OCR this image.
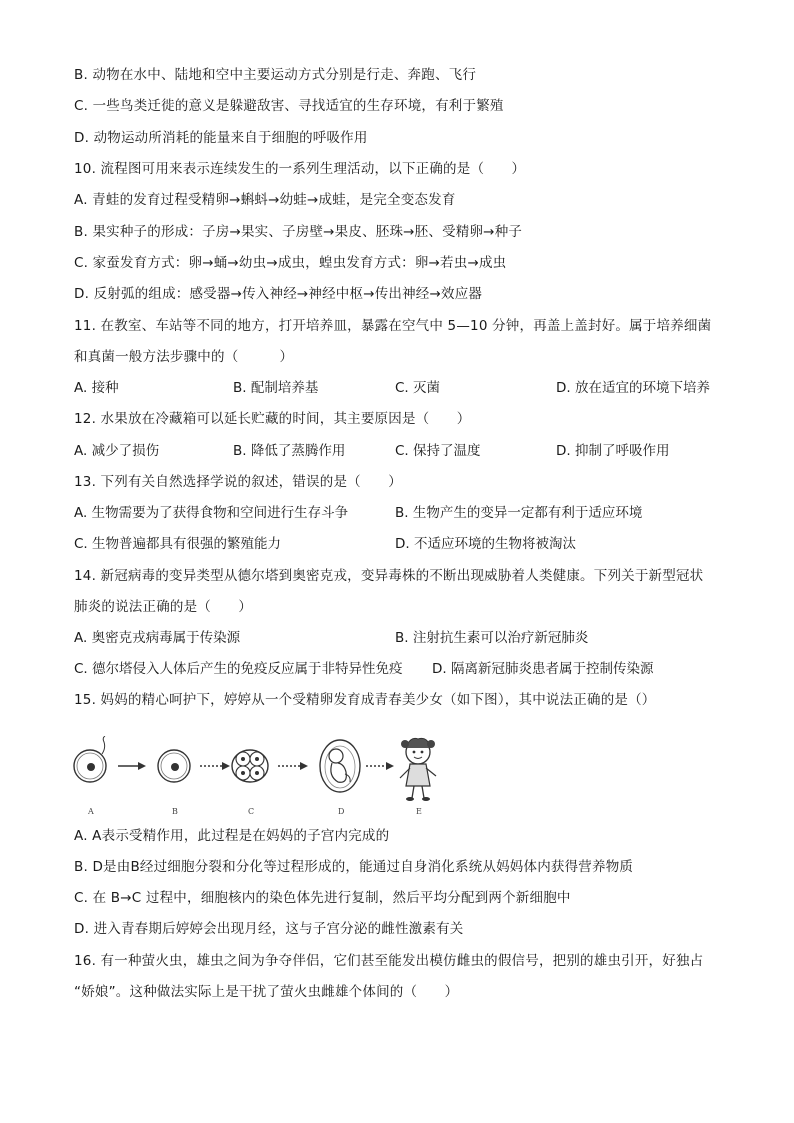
B. 动物在水中、陆地和空中主要运动方式分别是行走、奔跑、飞行
C. 一些鸟类迁徙的意义是躲避敌害、寻找适宜的生存环境，有利于繁殖
D. 动物运动所消耗的能量来自于细胞的呼吸作用
10. 流程图可用来表示连续发生的一系列生理活动，以下正确的是（　　）
A. 青蛙的发育过程受精卵→蝌蚪→幼蛙→成蛙，是完全变态发育
B. 果实种子的形成：子房→果实、子房壁→果皮、胚珠→胚、受精卵→种子
C. 家蚕发育方式：卵→蛹→幼虫→成虫，蝗虫发育方式：卵→若虫→成虫
D. 反射弧的组成：感受器→传入神经→神经中枢→传出神经→效应器
11. 在教室、车站等不同的地方，打开培养皿，暴露在空气中 5—10 分钟，再盖上盖封好。属于培养细菌
和真菌一般方法步骤中的（　　　）
A. 接种	B. 配制培养基	C. 灭菌	D. 放在适宜的环境下培养
12. 水果放在冷藏箱可以延长贮藏的时间，其主要原因是（　　）
A. 减少了损伤	B. 降低了蒸腾作用	C. 保持了温度	D. 抑制了呼吸作用
13. 下列有关自然选择学说的叙述，错误的是（　　）
A. 生物需要为了获得食物和空间进行生存斗争	B. 生物产生的变异一定都有利于适应环境
C. 生物普遍都具有很强的繁殖能力	D. 不适应环境的生物将被淘汰
14. 新冠病毒的变异类型从德尔塔到奥密克戎，变异毒株的不断出现威胁着人类健康。下列关于新型冠状
肺炎的说法正确的是（　　）
A. 奥密克戎病毒属于传染源	B. 注射抗生素可以治疗新冠肺炎
C. 德尔塔侵入人体后产生的免疫反应属于非特异性免疫 D. 隔离新冠肺炎患者属于控制传染源
15. 妈妈的精心呵护下，婷婷从一个受精卵发育成青春美少女（如下图），其中说法正确的是（）
A	B	C	D	E
A. A表示受精作用，此过程是在妈妈的子宫内完成的
B. D是由B经过细胞分裂和分化等过程形成的，能通过自身消化系统从妈妈体内获得营养物质
C. 在 B→C 过程中，细胞核内的染色体先进行复制，然后平均分配到两个新细胞中
D. 进入青春期后婷婷会出现月经，这与子宫分泌的雌性激素有关
16. 有一种萤火虫，雄虫之间为争夺伴侣，它们甚至能发出模仿雌虫的假信号，把别的雄虫引开，好独占
“娇娘”。这种做法实际上是干扰了萤火虫雌雄个体间的（　　）
